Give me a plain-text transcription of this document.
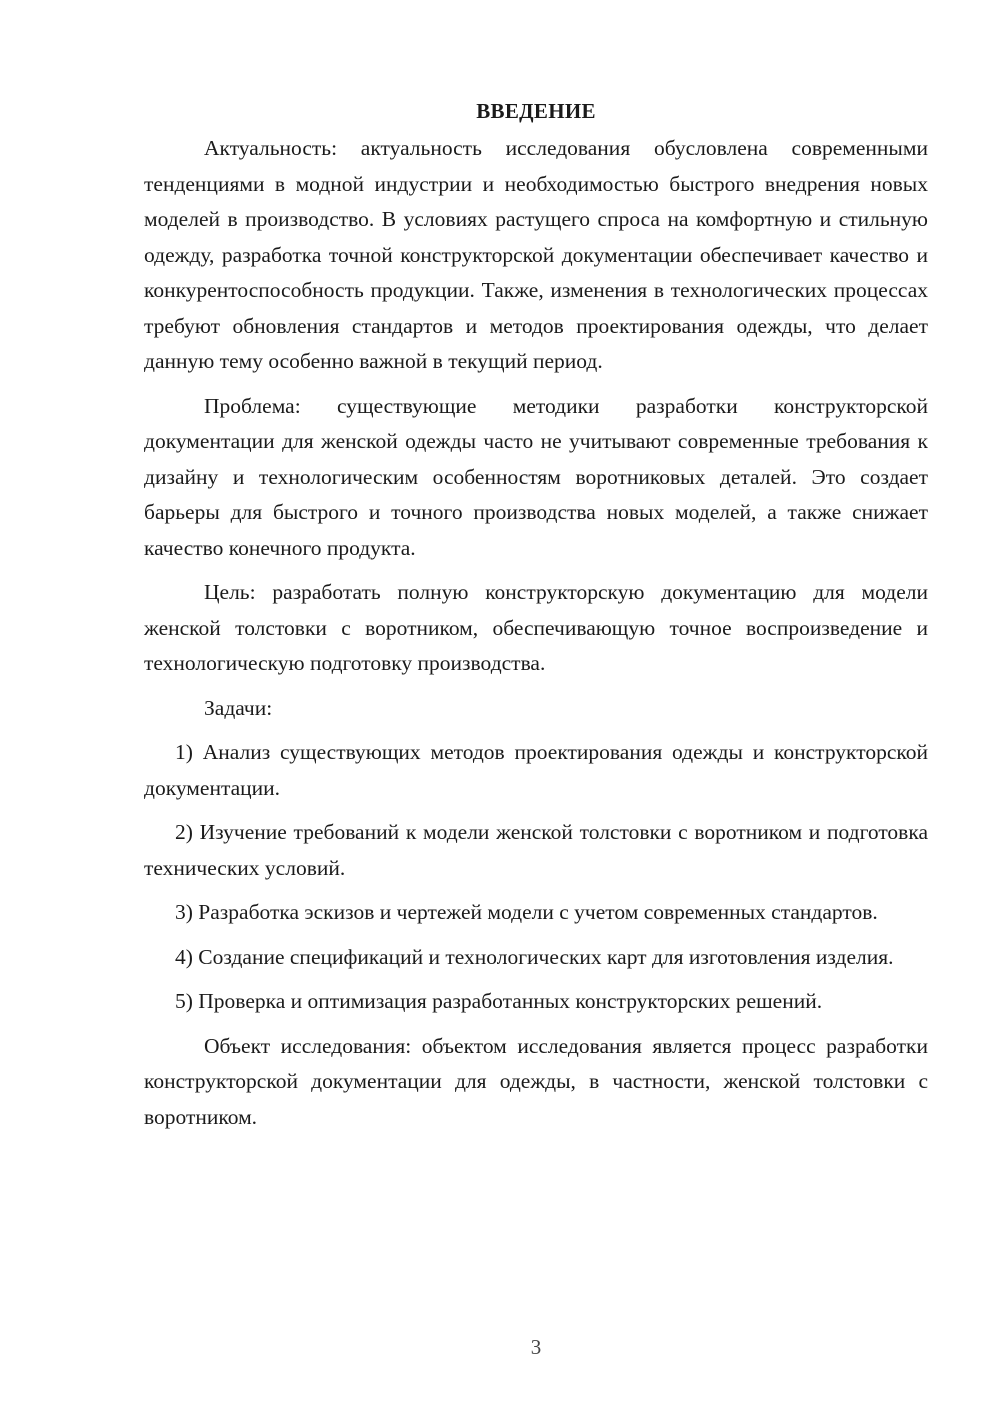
ВВЕДЕНИЕ

Актуальность: актуальность исследования обусловлена современными тенденциями в модной индустрии и необходимостью быстрого внедрения новых моделей в производство. В условиях растущего спроса на комфортную и стильную одежду, разработка точной конструкторской документации обеспечивает качество и конкурентоспособность продукции. Также, изменения в технологических процессах требуют обновления стандартов и методов проектирования одежды, что делает данную тему особенно важной в текущий период.

Проблема: существующие методики разработки конструкторской документации для женской одежды часто не учитывают современные требования к дизайну и технологическим особенностям воротниковых деталей. Это создает барьеры для быстрого и точного производства новых моделей, а также снижает качество конечного продукта.

Цель: разработать полную конструкторскую документацию для модели женской толстовки с воротником, обеспечивающую точное воспроизведение и технологическую подготовку производства.

Задачи:

1) Анализ существующих методов проектирования одежды и конструкторской документации.

2) Изучение требований к модели женской толстовки с воротником и подготовка технических условий.

3) Разработка эскизов и чертежей модели с учетом современных стандартов.

4) Создание спецификаций и технологических карт для изготовления изделия.

5) Проверка и оптимизация разработанных конструкторских решений.

Объект исследования: объектом исследования является процесс разработки конструкторской документации для одежды, в частности, женской толстовки с воротником.

3
